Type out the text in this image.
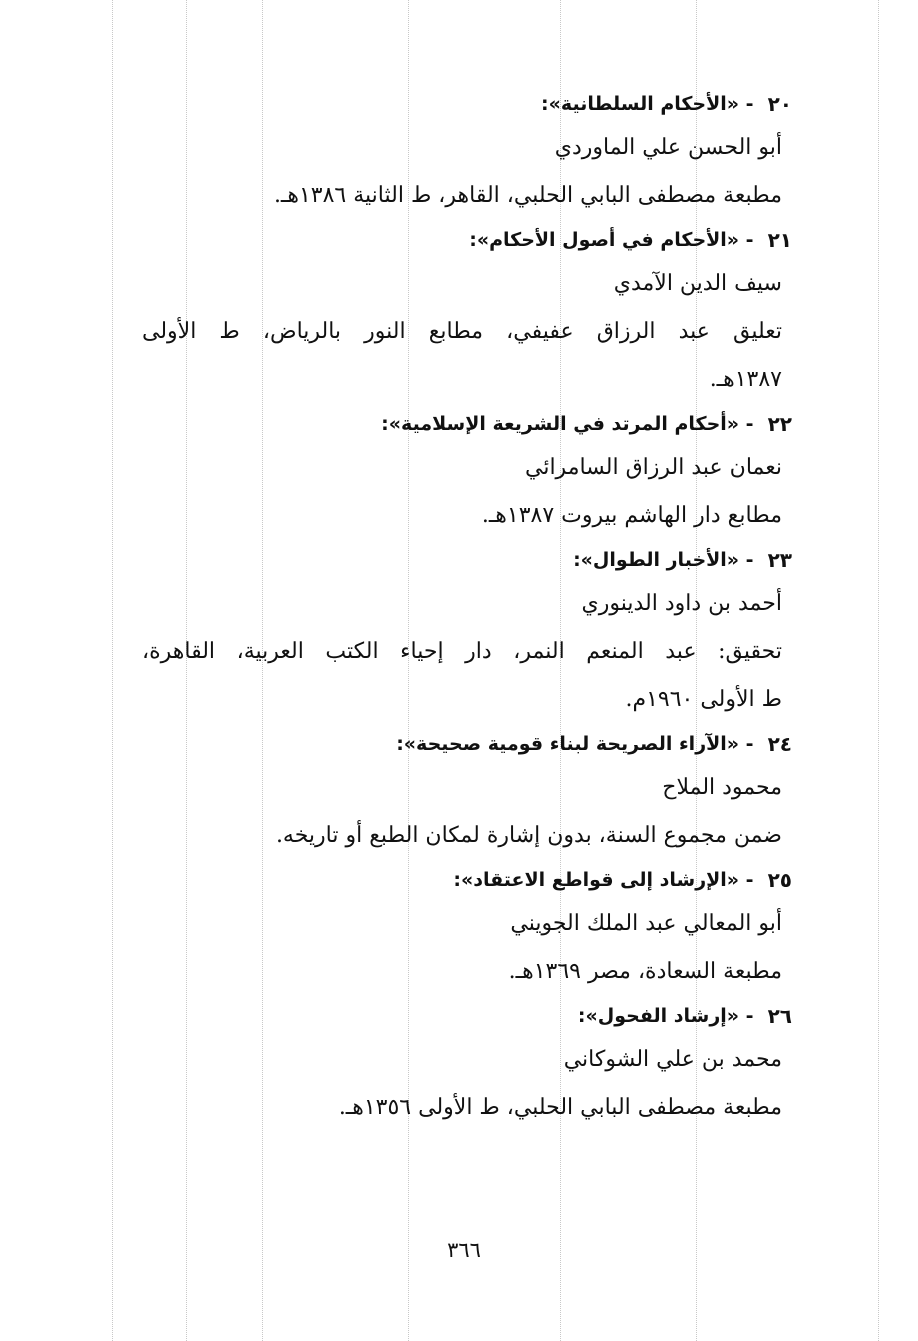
٢٠
- «الأحكام السلطانية»:
أبو الحسن علي الماوردي
مطبعة مصطفى البابي الحلبي، القاهر، ط الثانية ١٣٨٦هـ.
٢١
- «الأحكام في أصول الأحكام»:
سيف الدين الآمدي
تعليق عبد الرزاق عفيفي، مطابع النور بالرياض، ط الأولى
١٣٨٧هـ.
٢٢
- «أحكام المرتد في الشريعة الإسلامية»:
نعمان عبد الرزاق السامرائي
مطابع دار الهاشم بيروت ١٣٨٧هـ.
٢٣
- «الأخبار الطوال»:
أحمد بن داود الدينوري
تحقيق: عبد المنعم النمر، دار إحياء الكتب العربية، القاهرة،
ط الأولى ١٩٦٠م.
٢٤
- «الآراء الصريحة لبناء قومية صحيحة»:
محمود الملاح
ضمن مجموع السنة، بدون إشارة لمكان الطبع أو تاريخه.
٢٥
- «الإرشاد إلى قواطع الاعتقاد»:
أبو المعالي عبد الملك الجويني
مطبعة السعادة، مصر ١٣٦٩هـ.
٢٦
- «إرشاد الفحول»:
محمد بن علي الشوكاني
مطبعة مصطفى البابي الحلبي، ط الأولى ١٣٥٦هـ.
٣٦٦
